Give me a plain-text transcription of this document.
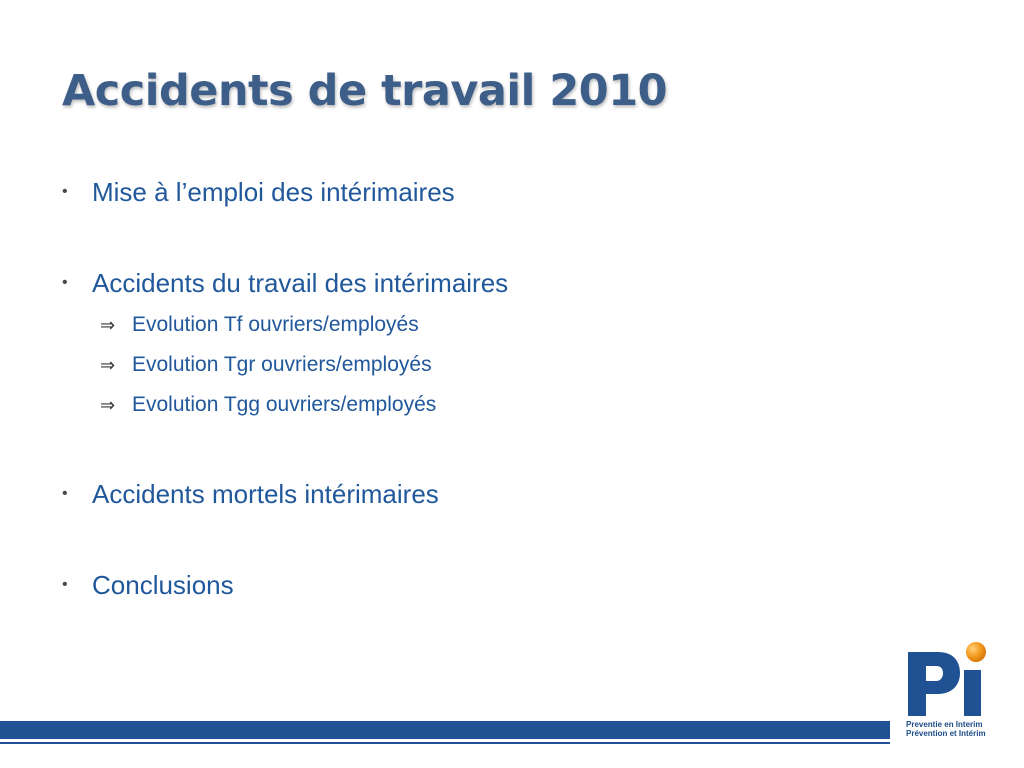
Accidents de travail 2010
• Mise à l’emploi des intérimaires
• Accidents du travail des intérimaires
⇒ Evolution Tf ouvriers/employés
⇒ Evolution Tgr ouvriers/employés
⇒ Evolution Tgg ouvriers/employés
• Accidents mortels intérimaires
• Conclusions
Preventie en Interim
Prévention et Intérim
